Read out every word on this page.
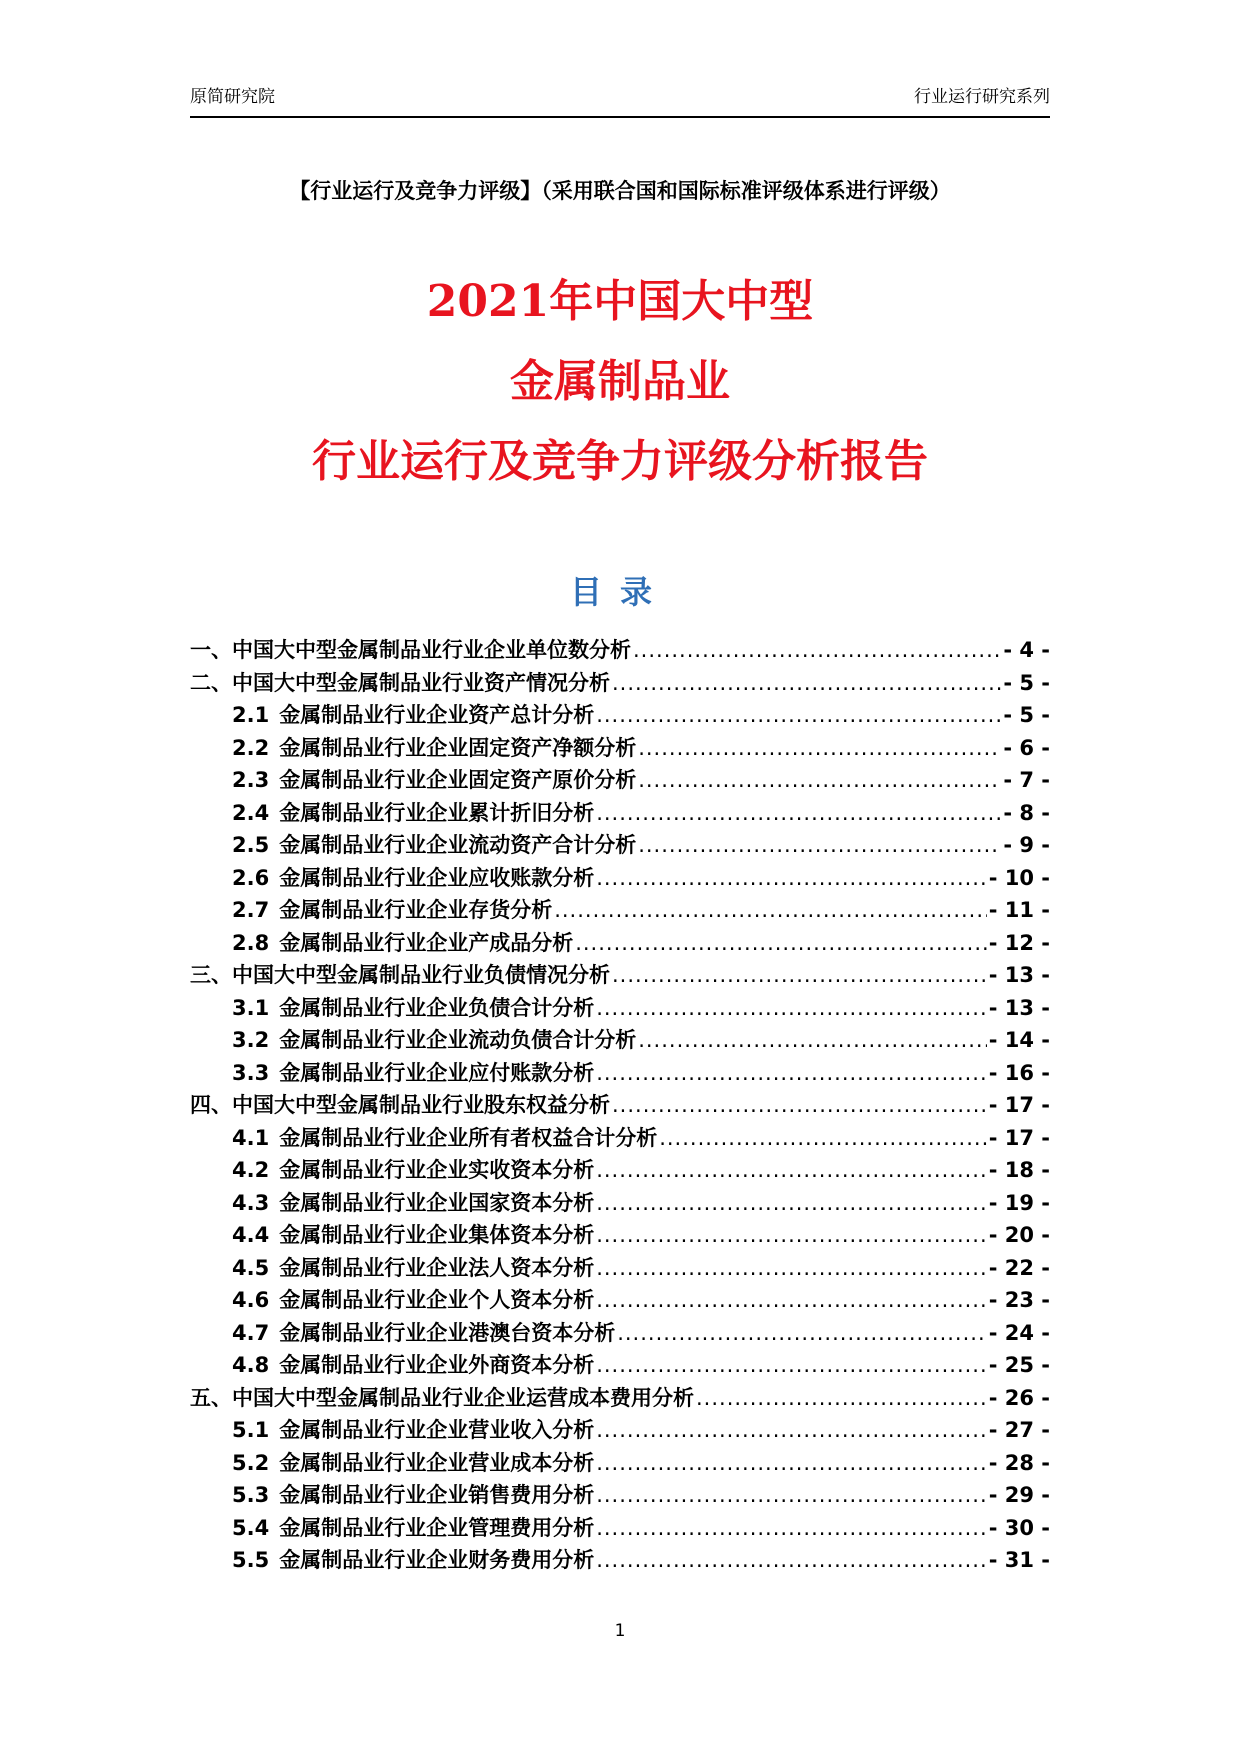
原简研究院	行业运行研究系列
【行业运行及竞争力评级】（采用联合国和国际标准评级体系进行评级）
2021年中国大中型
金属制品业
行业运行及竞争力评级分析报告
目录
一、中国大中型金属制品业行业企业单位数分析 .....	- 4 -
二、中国大中型金属制品业行业资产情况分析 .....	- 5 -
2.1 金属制品业行业企业资产总计分析 .....	- 5 -
2.2 金属制品业行业企业固定资产净额分析 .....	- 6 -
2.3 金属制品业行业企业固定资产原价分析 .....	- 7 -
2.4 金属制品业行业企业累计折旧分析 .....	- 8 -
2.5 金属制品业行业企业流动资产合计分析 .....	- 9 -
2.6 金属制品业行业企业应收账款分析 .....	- 10 -
2.7 金属制品业行业企业存货分析 .....	- 11 -
2.8 金属制品业行业企业产成品分析 .....	- 12 -
三、中国大中型金属制品业行业负债情况分析 .....	- 13 -
3.1 金属制品业行业企业负债合计分析 .....	- 13 -
3.2 金属制品业行业企业流动负债合计分析 .....	- 14 -
3.3 金属制品业行业企业应付账款分析 .....	- 16 -
四、中国大中型金属制品业行业股东权益分析 .....	- 17 -
4.1 金属制品业行业企业所有者权益合计分析 .....	- 17 -
4.2 金属制品业行业企业实收资本分析 .....	- 18 -
4.3 金属制品业行业企业国家资本分析 .....	- 19 -
4.4 金属制品业行业企业集体资本分析 .....	- 20 -
4.5 金属制品业行业企业法人资本分析 .....	- 22 -
4.6 金属制品业行业企业个人资本分析 .....	- 23 -
4.7 金属制品业行业企业港澳台资本分析 .....	- 24 -
4.8 金属制品业行业企业外商资本分析 .....	- 25 -
五、中国大中型金属制品业行业企业运营成本费用分析 .....	- 26 -
5.1 金属制品业行业企业营业收入分析 .....	- 27 -
5.2 金属制品业行业企业营业成本分析 .....	- 28 -
5.3 金属制品业行业企业销售费用分析 .....	- 29 -
5.4 金属制品业行业企业管理费用分析 .....	- 30 -
5.5 金属制品业行业企业财务费用分析 .....	- 31 -
1
